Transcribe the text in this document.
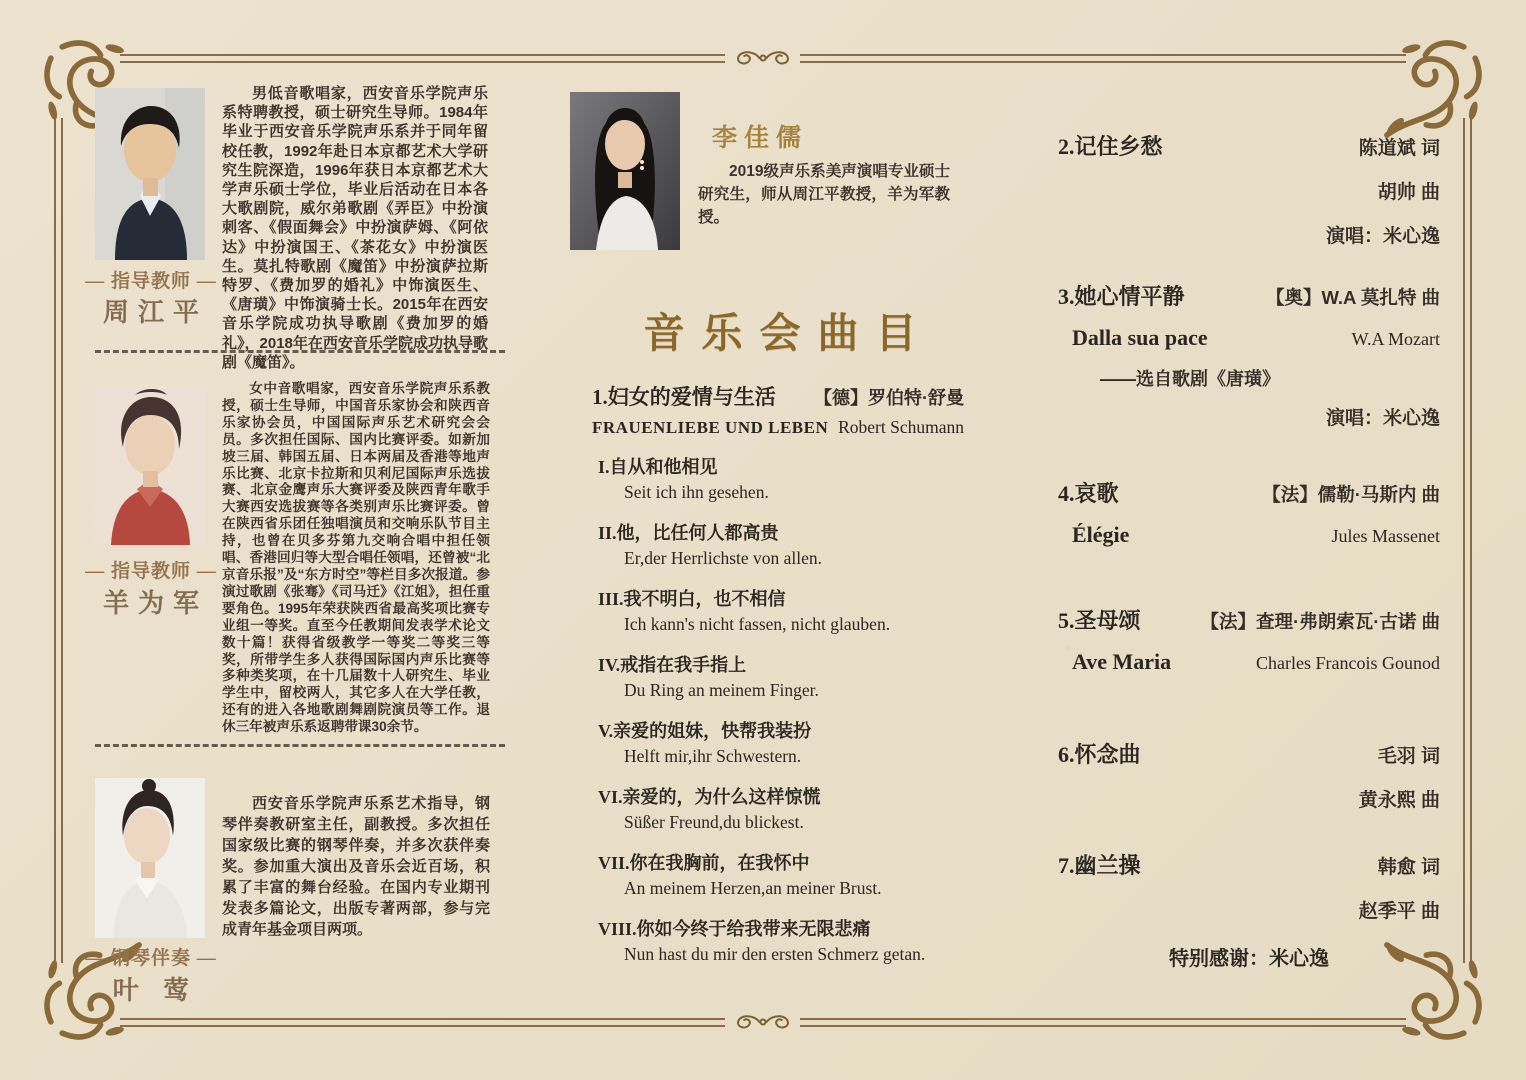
— 指导教师 —
周江平
男低音歌唱家，西安音乐学院声乐系特聘教授，硕士研究生导师。1984年毕业于西安音乐学院声乐系并于同年留校任教，1992年赴日本京都艺术大学研究生院深造，1996年获日本京都艺术大学声乐硕士学位，毕业后活动在日本各大歌剧院，威尔弟歌剧《弄臣》中扮演刺客、《假面舞会》中扮演萨姆、《阿依达》中扮演国王、《茶花女》中扮演医生。莫扎特歌剧《魔笛》中扮演萨拉斯特罗、《费加罗的婚礼》中饰演医生、《唐璜》中饰演骑士长。2015年在西安音乐学院成功执导歌剧《费加罗的婚礼》，2018年在西安音乐学院成功执导歌剧《魔笛》。
— 指导教师 —
羊为军
女中音歌唱家，西安音乐学院声乐系教授，硕士生导师，中国音乐家协会和陕西音乐家协会员，中国国际声乐艺术研究会会员。多次担任国际、国内比赛评委。如新加坡三届、韩国五届、日本两届及香港等地声乐比赛、北京卡拉斯和贝利尼国际声乐选拔赛、北京金鹰声乐大赛评委及陕西青年歌手大赛西安选拔赛等各类别声乐比赛评委。曾在陕西省乐团任独唱演员和交响乐队节目主持，也曾在贝多芬第九交响合唱中担任领唱、香港回归等大型合唱任领唱，还曾被“北京音乐报”及“东方时空”等栏目多次报道。参演过歌剧《张骞》《司马迁》《江姐》，担任重要角色。1995年荣获陕西省最高奖项比赛专业组一等奖。直至今任教期间发表学术论文数十篇！获得省级教学一等奖二等奖三等奖，所带学生多人获得国际国内声乐比赛等多种类奖项，在十几届数十人研究生、毕业学生中，留校两人，其它多人在大学任教，还有的进入各地歌剧舞剧院演员等工作。退休三年被声乐系返聘带课30余节。
— 钢琴伴奏 —
叶 莺
西安音乐学院声乐系艺术指导，钢琴伴奏教研室主任，副教授。多次担任国家级比赛的钢琴伴奏，并多次获伴奏奖。参加重大演出及音乐会近百场，积累了丰富的舞台经验。在国内专业期刊发表多篇论文，出版专著两部，参与完成青年基金项目两项。
李佳儒
2019级声乐系美声演唱专业硕士研究生，师从周江平教授，羊为军教授。
音乐会曲目
1.妇女的爱情与生活 【德】罗伯特·舒曼
FRAUENLIEBE UND LEBEN Robert Schumann
I.自从和他相见
Seit ich ihn gesehen.
II.他，比任何人都高贵
Er,der Herrlichste von allen.
III.我不明白，也不相信
Ich kann's nicht fassen, nicht glauben.
IV.戒指在我手指上
Du Ring an meinem Finger.
V.亲爱的姐妹，快帮我装扮
Helft mir,ihr Schwestern.
VI.亲爱的，为什么这样惊慌
Süßer Freund,du blickest.
VII.你在我胸前，在我怀中
An meinem Herzen,an meiner Brust.
VIII.你如今终于给我带来无限悲痛
Nun hast du mir den ersten Schmerz getan.
2.记住乡愁	陈道斌 词
胡帅 曲
演唱：米心逸
3.她心情平静	【奥】W.A 莫扎特 曲
Dalla sua pace	W.A Mozart
——选自歌剧《唐璜》
演唱：米心逸
4.哀歌	【法】儒勒·马斯内 曲
Élégie	Jules Massenet
5.圣母颂	【法】查理·弗朗索瓦·古诺 曲
Ave Maria	Charles Francois Gounod
6.怀念曲	毛羽 词
黄永熙 曲
7.幽兰操	韩愈 词
赵季平 曲
特别感谢：米心逸
